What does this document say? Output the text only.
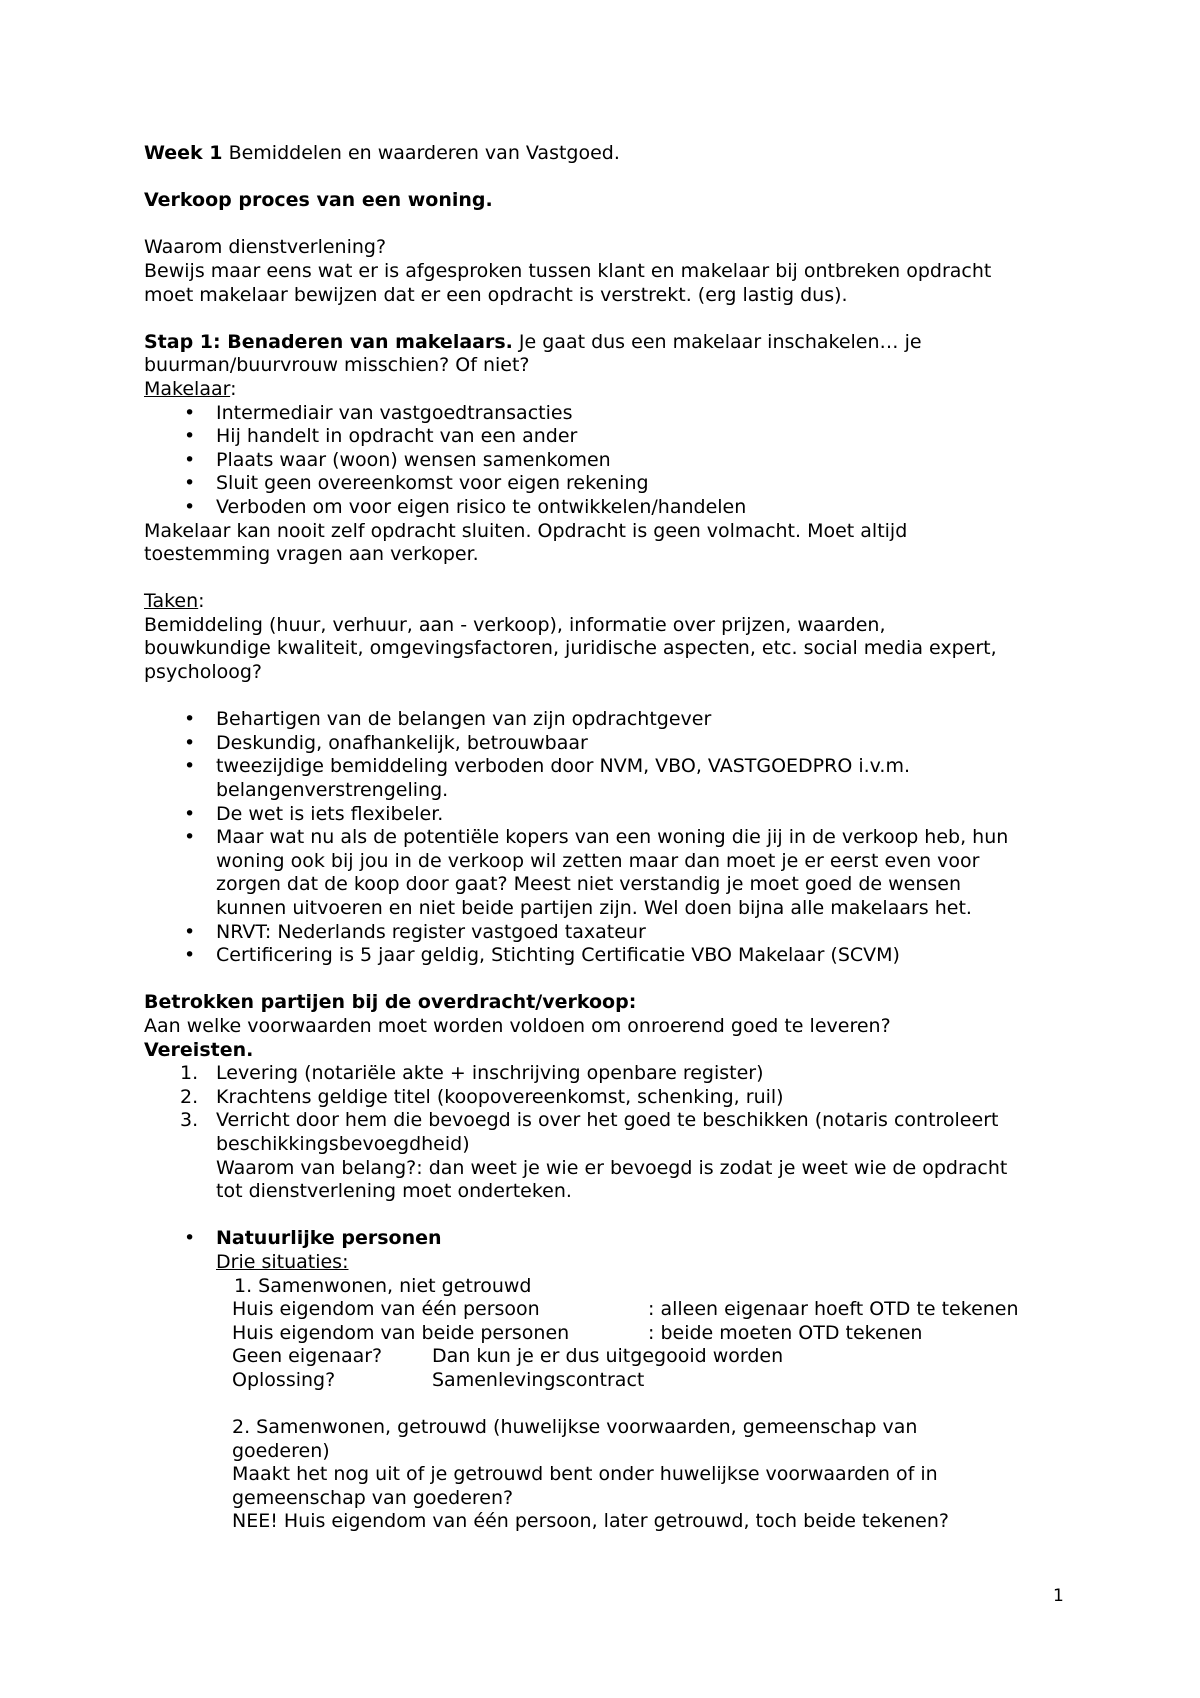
Week 1 Bemiddelen en waarderen van Vastgoed.

Verkoop proces van een woning.

Waarom dienstverlening?

Bewijs maar eens wat er is afgesproken tussen klant en makelaar bij ontbreken opdracht

moet makelaar bewijzen dat er een opdracht is verstrekt. (erg lastig dus).

Stap 1: Benaderen van makelaars. Je gaat dus een makelaar inschakelen… je

buurman/buurvrouw misschien? Of niet?

Makelaar:

• Intermediair van vastgoedtransacties
• Hij handelt in opdracht van een ander
• Plaats waar (woon) wensen samenkomen
• Sluit geen overeenkomst voor eigen rekening
• Verboden om voor eigen risico te ontwikkelen/handelen

Makelaar kan nooit zelf opdracht sluiten. Opdracht is geen volmacht. Moet altijd

toestemming vragen aan verkoper.

Taken:

Bemiddeling (huur, verhuur, aan - verkoop), informatie over prijzen, waarden,

bouwkundige kwaliteit, omgevingsfactoren, juridische aspecten, etc. social media expert,

psycholoog?

• Behartigen van de belangen van zijn opdrachtgever
• Deskundig, onafhankelijk, betrouwbaar
• tweezijdige bemiddeling verboden door NVM, VBO, VASTGOEDPRO i.v.m.
belangenverstrengeling.
• De wet is iets flexibeler.
• Maar wat nu als de potentiële kopers van een woning die jij in de verkoop heb, hun
woning ook bij jou in de verkoop wil zetten maar dan moet je er eerst even voor
zorgen dat de koop door gaat? Meest niet verstandig je moet goed de wensen
kunnen uitvoeren en niet beide partijen zijn. Wel doen bijna alle makelaars het.
• NRVT: Nederlands register vastgoed taxateur
• Certificering is 5 jaar geldig, Stichting Certificatie VBO Makelaar (SCVM)

Betrokken partijen bij de overdracht/verkoop:

Aan welke voorwaarden moet worden voldoen om onroerend goed te leveren?

Vereisten.

1. Levering (notariële akte + inschrijving openbare register)
2. Krachtens geldige titel (koopovereenkomst, schenking, ruil)
3. Verricht door hem die bevoegd is over het goed te beschikken (notaris controleert
beschikkingsbevoegdheid)
Waarom van belang?: dan weet je wie er bevoegd is zodat je weet wie de opdracht
tot dienstverlening moet onderteken.
• Natuurlijke personen
Drie situaties:

1. Samenwonen, niet getrouwd

Huis eigendom van één persoon	: alleen eigenaar hoeft OTD te tekenen
Huis eigendom van beide personen	: beide moeten OTD tekenen
Geen eigenaar?	Dan kun je er dus uitgegooid worden
Oplossing?	Samenlevingscontract

2. Samenwonen, getrouwd (huwelijkse voorwaarden, gemeenschap van

goederen)

Maakt het nog uit of je getrouwd bent onder huwelijkse voorwaarden of in

gemeenschap van goederen?

NEE! Huis eigendom van één persoon, later getrouwd, toch beide tekenen?

1
